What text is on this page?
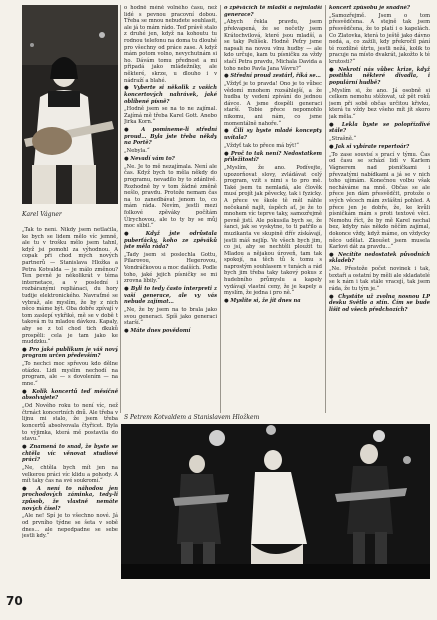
Karel Vágner

„Tak to není. Nikdy jsem netlačila, ke bych se lidem mělo víc jemně, ale tu v trošku mělo jsem tahnl, když jsi pomohl za výhodnou. A copak při chod mých nových partnerů — Stanislava Hložka a Petra Kotvalda — je málo změnou? Ten pevně je několikrát v téma internetace, a v poslední i rozbáranými repliánaci, du hory tudije elektronického. Navraťmé se vybraž, ale myslím, že by z nich něco máme být. Oba dobře zpívají v tom zaslepí vykřiké, mě se v době t taková m tu mladou dávkou. Kapaly, aby se z tol chod tich dkuků prospěli: cela je tam jako ke muddzku.“

● Pro jaké publikum je váš nový program určen především?

„To nechci moc spřevou kdo dělne otázku. Lidi myslím nechodí na program, ale — s dovolením — na mne.“

● Kolik koncertů teď měsíčně absolvujete?

„Od Nového roku to není víc, než čtrnáct koncertních dnů. Ale třeba v lijnu mi stalo, že jsem třeba koncertů absolvovala čtyřicet. Byla to výjimka, která mě postavila do stavu.“

● Znamená to snad, že byste se chtěla víc věnovat studiové práci?

„Ne, chtěla bych mít jen na velkerou práci víc klidu a pohody. A mít taky čas na své soukromí.“

● A není to náhodou jen prochodových záminka, tedy-li způsob, že vlastně nemáte nových čísel?

„Ale ne! Spí je to všechno nové. Já od prvního týdne se šeta v sobě dnes… ale nepedpadne se sebe jestli kdy.“

o hodně méně volného času, než lidé s pevnou pracovní dobou. Třeba se mnou nebudete souhlasit, ale já to mám rádo. Teď právě stalo z druhé jen, když na kohoutu tu rodnou telefonu na doma tu dlouhé pro všechny od práce zase. A když mám potom volno, nevychutnám si ho. Dávám tomu přednost a mi připadá jako mládežníky, ale některé, skrze, u dlouho i v nádraží a blahé.

● Vyberte si několik z vašich koncertových nahrávek, jaké oblíbené písně?

„Hodně jsem se na to ne zajímal. Zajímá mě třeba Karel Gott. Anebo Jirka Korn.“

● A pomineme-li střední proud… Byla jste třeba někdy na Portě?

„Nebyla.“

● Nevadí vám to?

„Ne. Je to mě nezajímala. Není ale čas. Když bych to měla někdy do programu, nevadilo by to zdánlivě. Rozhodně by v tom žádné změně nešlo, pravdu. Protože nemam čas na to zanedbávat jenom to, co mám ráda. Nevím, jestli mezi folkové zpěváky počítám Úlrychovou, ale to ty by se můj moc slíbil.“

● Když jste odrůstala puberťácky, koho ze zpěváků jste měla ráda?

„Tady jsem si poslechla Gottu, Pilarovou, Hegerovou, Vondráčkovou a moc dalších. Podle toho, jaké jejich písničky se mi zrovna líbily.“

● Byli to tedy často interpreti z vaší generace, ale vy vás nebude zajímat…

„Ne, že by jsem na to brala jako svou generaci. Spíš jako generaci starší.“

● Máte dnes povědomí

o zpěvácích té mladší a nejmladší generace?

„Abych řekla pravdu, jsem překvapená, že se nečetly jsem Krátochvilová, které jsou mladší, a se taky Pelíšek. Hodně Peťry jsme napsali na novou vlnu hudby — ale kdo určuje, kam tu písničku za vždy stačí Petra pravdu, Michala Davida a toho nebo Pavla Jana Vávru?“

● Střední proud zestárl, říká se…

„Vždyť je to pravda! Ono je to vůbec vědomí mnohem rozsáhlejší, a že hudba ty vedení zpívání do jednou dávce. A jsme dospěli generaci starší. Tobie přece nepomohlo nikomu, ani nám, co jsme momentálně nahoře.“

● Čili sy byste mladé koncepty uvítala?

„Vždyť tak to přece má být!“

● Proč to tak není? Nedostatkem příležitostí?

„Myslím, že ano. Podívejte, upozorňovat slovy, zvládávat celý program, vzít s nimi s to pro mě. Také jsem tu nemladá, ale člověk musí projít jak pěvecky, tak i fyzicky. A přece ve škole tě měl náhle nečekaně najít, úspěch ať, je že to mnohem víc teprve taky, samozřejmě pevně jistí. Ale pokusila bych se, že šanci, jak se vyskytne, to ti patřilo a muzikanta ve skupině dřív získávají, jestli máš nejlíp. Ve všech bych jim, co jsi, aby se nechtěli ploužit tu Mladou a nějakou úroveň, tam tak spokojí, na těch tů k tomu s naprostým souhlasem v tunách a rád bych jim třeba taky takový pokus z hudebního průmyslu a kapely vydávají vlastní ceny, že je kapely a myslím, že jedna i pro ně.“

● Myslíte si, že jít dnes na

koncert způsobu je snadné?

„Samozřejmě. Jsem o tom přesvědčena. A stejně tak jsem přesvědčena, že to platí i o kapelách. Co Zlatovka, která to ještě jako dávno nedá, a, co zažili, kdy překročil pání té rozdílné útrtu, jestli nežá, kolik to pracuje na místo dvakrát, jakožto k té krutosti?“

● Nekrotí nás vůbec krize, když postihla některé divadla, i populární hudbě?

„Myslím si, že ano. Já osobně si celkem nemohu stěžovat, už pět roků jsem při sobě občas určitou křivku, která tu vždy bez všeho mít jít skoro jak měla.“

● Lekla byste se polopřízdivé stále?

„Strašně.“

● Jak si vybírate repertoár?

„To zase souvisí s prací v týmu. Čas od času se schází lidí v Karlem Vágnerem nad pisničkami i převzatými nabídkami a já se v nich toho ujímám. Konečnou volbu však necháváme na mně. Občas se ale přece jen dám přesvědčit, protože o svých věcech mám zvláštní pohled. A přece jen je dobře, že, ke kvůli písničkám mám s proti textové věci. Nemohu říct, že by mě Karel nechal bez, kdyby nás někdo něčím zajímal, dokonce vždy, když máme, on vždycky něco udělat. Zkoušet jsem musela Karlovi dát za pravdu…“

● Necítíte nedostatek původních skladeb?

„Ne. Přestože počet novinek i tak, textaři a ostatní by měli ale skladatelé se k nám i tak stále vracejí, tak jsem ráda, že tu tým je.“

● Chystáte už zvolna nosnou LP desku Světlo a stín. Čím se bude lišit od všech předchozích?

S Petrem Kotvaldem a Stanislavem Hložkem
70
